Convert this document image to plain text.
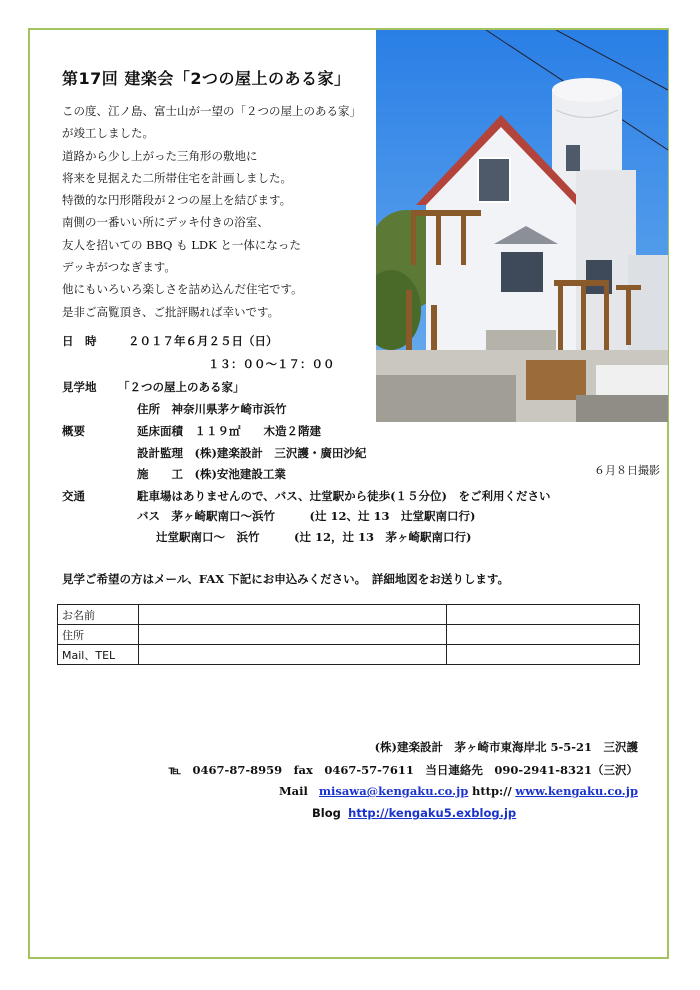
第17回 建楽会「2つの屋上のある家」
この度、江ノ島、富士山が一望の「２つの屋上のある家」
が竣工しました。
道路から少し上がった三角形の敷地に
将来を見据えた二所帯住宅を計画しました。
特徴的な円形階段が２つの屋上を結びます。
南側の一番いい所にデッキ付きの浴室、
友人を招いての BBQ も LDK と一体になった
デッキがつなぎます。
他にもいろいろ楽しさを詰め込んだ住宅です。
是非ご高覧頂き、ご批評賜れば幸いです。
６月８日撮影
日　時	２０１７年６月２５日（日）
１３：００～１７：００
見学地 「２つの屋上のある家」
住所　神奈川県茅ケ崎市浜竹
概要	延床面積　１１９㎡　　木造２階建
設計監理　(株)建楽設計　三沢護・廣田沙紀
施　　工　(株)安池建設工業
交通	駐車場はありませんので、バス、辻堂駅から徒歩(１５分位)　をご利用ください
バス　茅ヶ崎駅南口～浜竹　　　(辻 12、辻 13　辻堂駅南口行)
辻堂駅南口～　浜竹　　　(辻 12，辻 13　茅ヶ崎駅南口行)
見学ご希望の方はメール、FAX 下記にお申込みください。　詳細地図をお送りします。
お名前		
住所		
Mail、TEL		
(株)建楽設計　茅ヶ崎市東海岸北 5-5-21　三沢護
℡　0467-87-8959　fax　0467-57-7611　当日連絡先　090-2941-8321（三沢）
Mail misawa@kengaku.co.jp http:// www.kengaku.co.jp
Blog http://kengaku5.exblog.jp
